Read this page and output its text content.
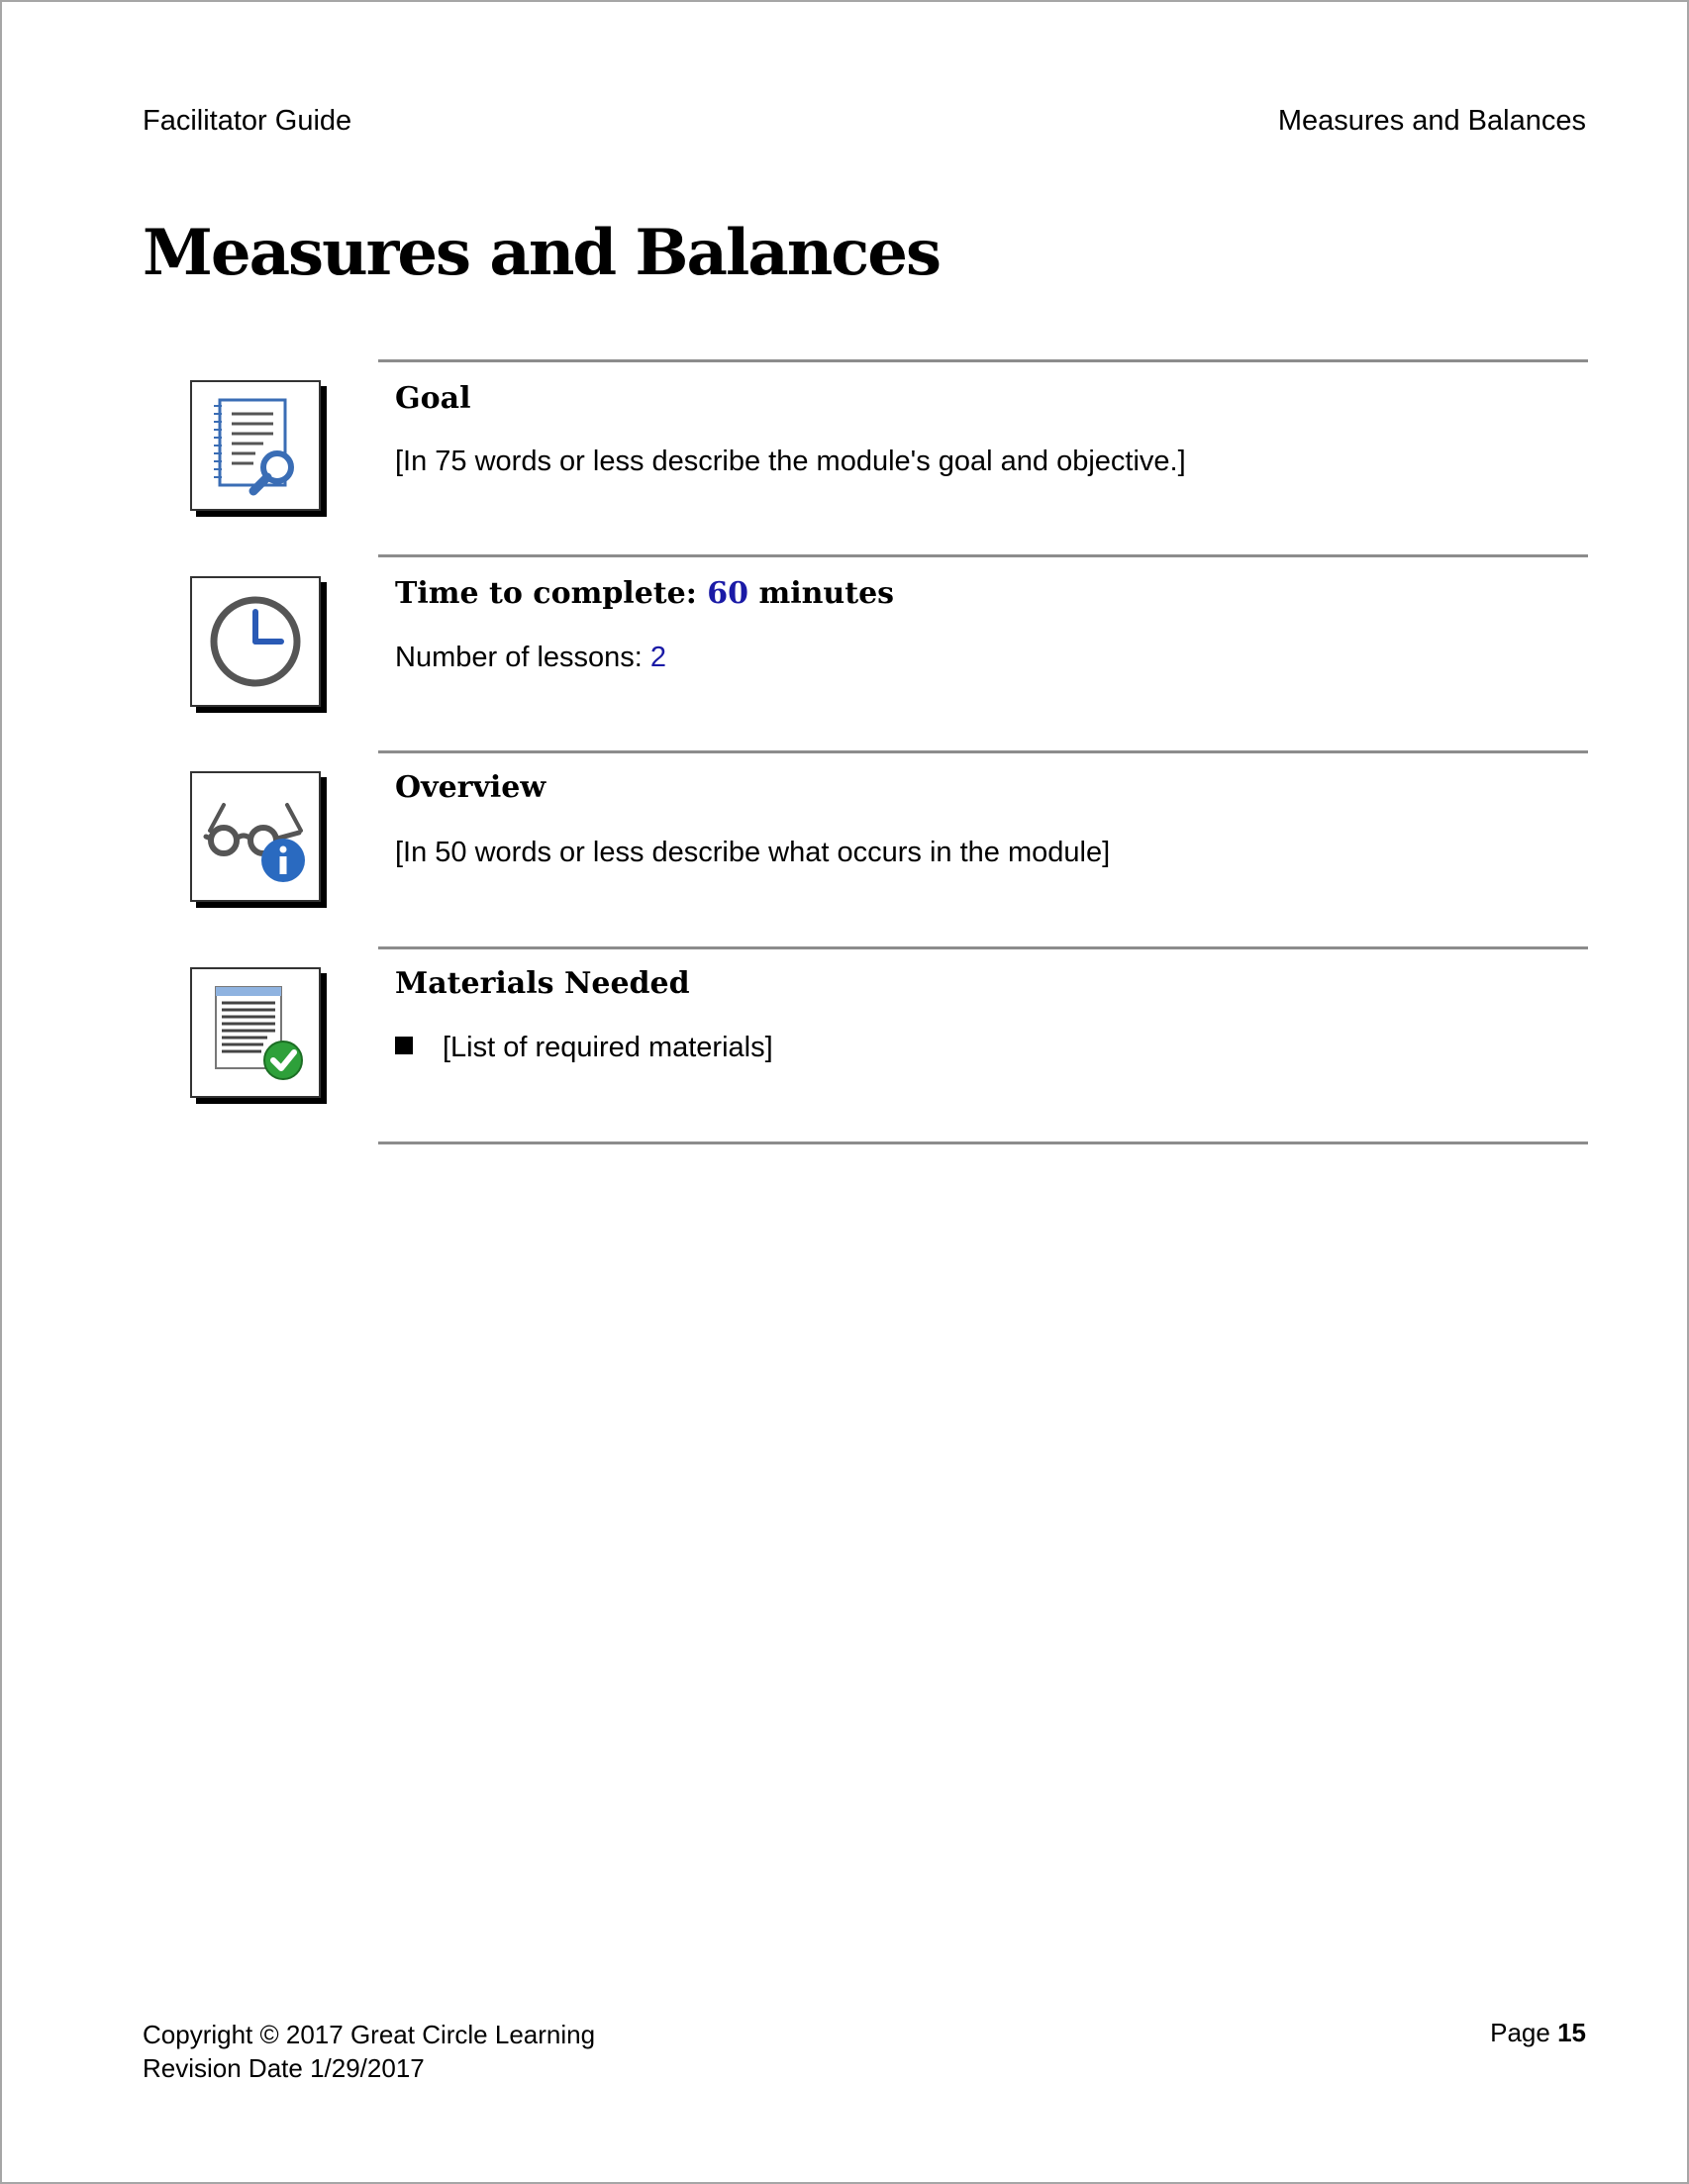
Facilitator Guide	Measures and Balances
Measures and Balances
Goal
[In 75 words or less describe the module's goal and objective.]
Time to complete: 60 minutes
Number of lessons: 2
Overview
[In 50 words or less describe what occurs in the module]
Materials Needed
[List of required materials]
Copyright © 2017 Great Circle Learning
Revision Date 1/29/2017
Page 15
